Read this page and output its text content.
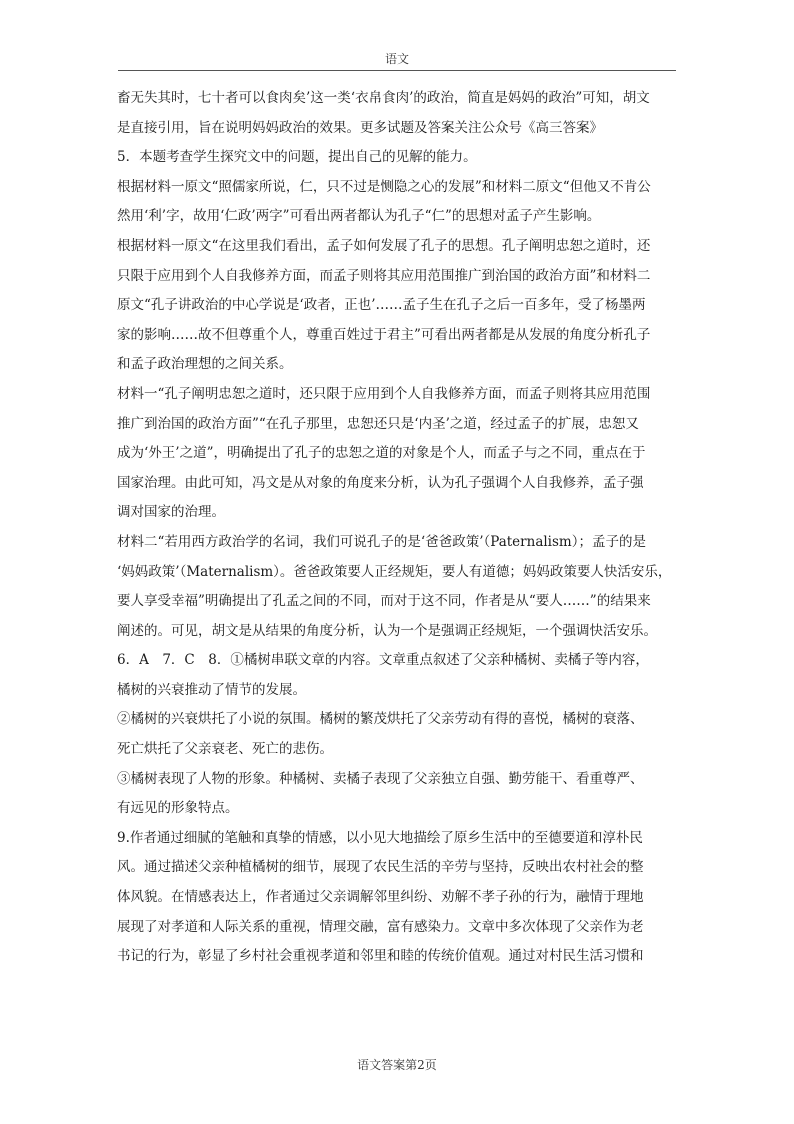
语文
畜无失其时，七十者可以食肉矣’这一类‘衣帛食肉’的政治，简直是妈妈的政治”可知，胡文
是直接引用，旨在说明妈妈政治的效果。更多试题及答案关注公众号《高三答案》
5．本题考查学生探究文中的问题，提出自己的见解的能力。
根据材料一原文“照儒家所说，仁，只不过是恻隐之心的发展”和材料二原文“但他又不肯公
然用‘利’字，故用‘仁政’两字”可看出两者都认为孔子“仁”的思想对孟子产生影响。
根据材料一原文“在这里我们看出，孟子如何发展了孔子的思想。孔子阐明忠恕之道时，还
只限于应用到个人自我修养方面，而孟子则将其应用范围推广到治国的政治方面”和材料二
原文“孔子讲政治的中心学说是‘政者，正也’……孟子生在孔子之后一百多年，受了杨墨两
家的影响……故不但尊重个人，尊重百姓过于君主”可看出两者都是从发展的角度分析孔子
和孟子政治理想的之间关系。
材料一“孔子阐明忠恕之道时，还只限于应用到个人自我修养方面，而孟子则将其应用范围
推广到治国的政治方面”“在孔子那里，忠恕还只是‘内圣’之道，经过孟子的扩展，忠恕又
成为‘外王’之道”，明确提出了孔子的忠恕之道的对象是个人，而孟子与之不同，重点在于
国家治理。由此可知，冯文是从对象的角度来分析，认为孔子强调个人自我修养，孟子强
调对国家的治理。
材料二“若用西方政治学的名词，我们可说孔子的是‘爸爸政策’（Paternalism）；孟子的是
‘妈妈政策’（Maternalism）。爸爸政策要人正经规矩，要人有道德；妈妈政策要人快活安乐，
要人享受幸福”明确提出了孔孟之间的不同，而对于这不同，作者是从“要人……”的结果来
阐述的。可见，胡文是从结果的角度分析，认为一个是强调正经规矩，一个强调快活安乐。
6．A　7．C　8．①橘树串联文章的内容。文章重点叙述了父亲种橘树、卖橘子等内容，
橘树的兴衰推动了情节的发展。
②橘树的兴衰烘托了小说的氛围。橘树的繁茂烘托了父亲劳动有得的喜悦，橘树的衰落、
死亡烘托了父亲衰老、死亡的悲伤。
③橘树表现了人物的形象。种橘树、卖橘子表现了父亲独立自强、勤劳能干、看重尊严、
有远见的形象特点。
9.作者通过细腻的笔触和真挚的情感，以小见大地描绘了原乡生活中的至德要道和淳朴民
风。通过描述父亲种植橘树的细节，展现了农民生活的辛劳与坚持，反映出农村社会的整
体风貌。在情感表达上，作者通过父亲调解邻里纠纷、劝解不孝子孙的行为，融情于理地
展现了对孝道和人际关系的重视，情理交融，富有感染力。文章中多次体现了父亲作为老
书记的行为，彰显了乡村社会重视孝道和邻里和睦的传统价值观。通过对村民生活习惯和
语文答案第2页
